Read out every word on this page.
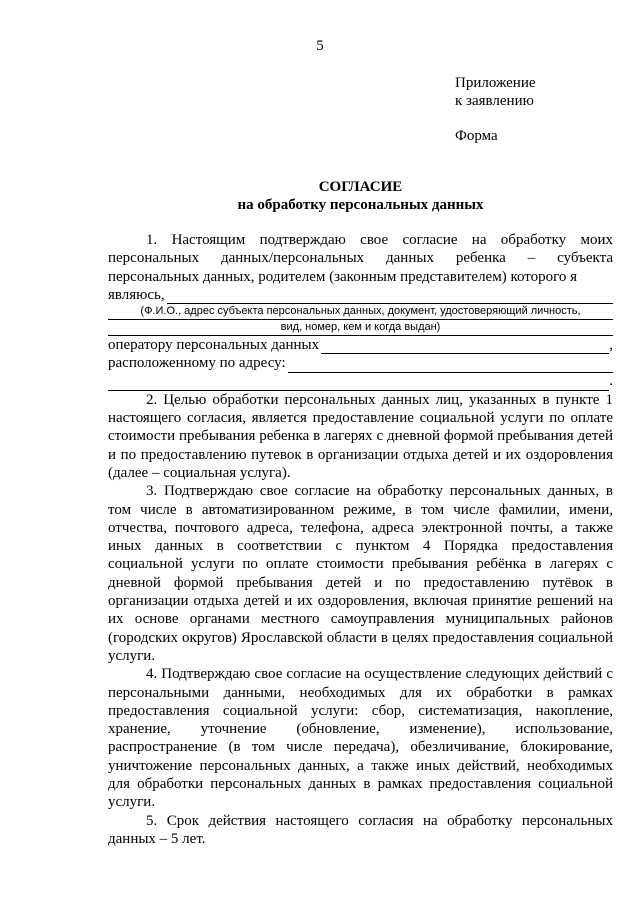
5
Приложение
к заявлению
Форма
СОГЛАСИЕ
на обработку персональных данных

1. Настоящим подтверждаю свое согласие на обработку моих персональных данных/персональных данных ребенка – субъекта персональных данных, родителем (законным представителем) которого я

являюсь,
(Ф.И.О., адрес субъекта персональных данных, документ, удостоверяющий личность,
вид, номер, кем и когда выдан)
оператору персональных данных	,
расположенному по адресу:
.

2. Целью обработки персональных данных лиц, указанных в пункте 1 настоящего согласия, является предоставление социальной услуги по оплате стоимости пребывания ребенка в лагерях с дневной формой пребывания детей и по предоставлению путевок в организации отдыха детей и их оздоровления (далее – социальная услуга).

3. Подтверждаю свое согласие на обработку персональных данных, в том числе в автоматизированном режиме, в том числе фамилии, имени, отчества, почтового адреса, телефона, адреса электронной почты, а также иных данных в соответствии с пунктом 4 Порядка предоставления социальной услуги по оплате стоимости пребывания ребёнка в лагерях с дневной формой пребывания детей и по предоставлению путёвок в организации отдыха детей и их оздоровления, включая принятие решений на их основе органами местного самоуправления муниципальных районов (городских округов) Ярославской области в целях предоставления социальной услуги.

4. Подтверждаю свое согласие на осуществление следующих действий с персональными данными, необходимых для их обработки в рамках предоставления социальной услуги: сбор, систематизация, накопление, хранение, уточнение (обновление, изменение), использование, распространение (в том числе передача), обезличивание, блокирование, уничтожение персональных данных, а также иных действий, необходимых для обработки персональных данных в рамках предоставления социальной услуги.

5. Срок действия настоящего согласия на обработку персональных данных – 5 лет.
